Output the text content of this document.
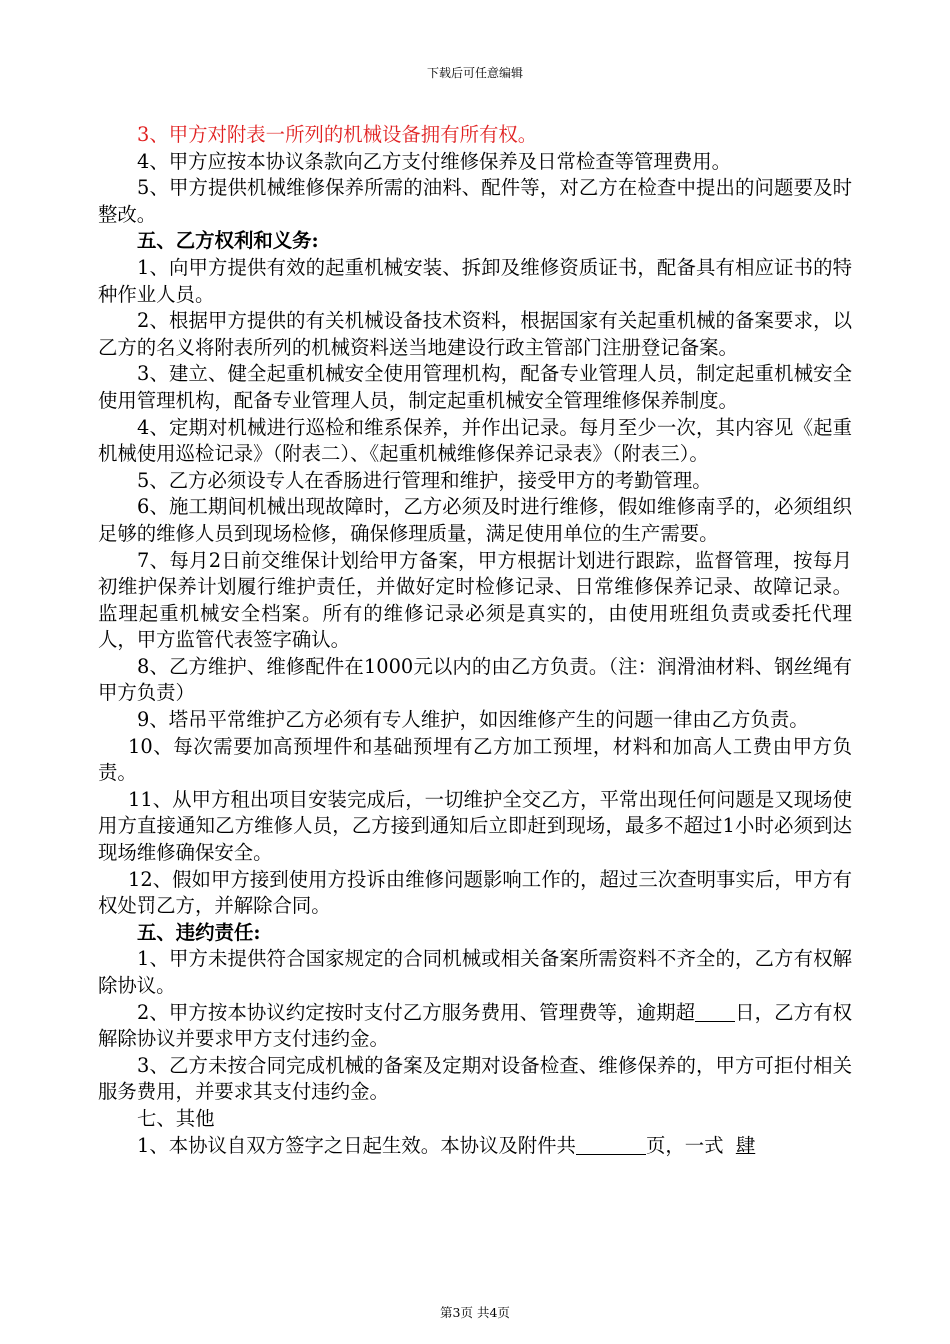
下载后可任意编辑

3、甲方对附表一所列的机械设备拥有所有权。

4、甲方应按本协议条款向乙方支付维修保养及日常检查等管理费用。

5、甲方提供机械维修保养所需的油料、配件等，对乙方在检查中提出的问题要及时整改。

五、乙方权利和义务:

1、向甲方提供有效的起重机械安装、拆卸及维修资质证书，配备具有相应证书的特种作业人员。

2、根据甲方提供的有关机械设备技术资料，根据国家有关起重机械的备案要求，以乙方的名义将附表所列的机械资料送当地建设行政主管部门注册登记备案。

3、建立、健全起重机械安全使用管理机构，配备专业管理人员，制定起重机械安全使用管理机构，配备专业管理人员，制定起重机械安全管理维修保养制度。

4、定期对机械进行巡检和维系保养，并作出记录。每月至少一次，其内容见《起重机械使用巡检记录》（附表二）、《起重机械维修保养记录表》（附表三）。

5、乙方必须设专人在香肠进行管理和维护，接受甲方的考勤管理。

6、施工期间机械出现故障时，乙方必须及时进行维修，假如维修南孚的，必须组织足够的维修人员到现场检修，确保修理质量，满足使用单位的生产需要。

7、每月2日前交维保计划给甲方备案，甲方根据计划进行跟踪，监督管理，按每月初维护保养计划履行维护责任，并做好定时检修记录、日常维修保养记录、故障记录。监理起重机械安全档案。所有的维修记录必须是真实的，由使用班组负责或委托代理人，甲方监管代表签字确认。

8、乙方维护、维修配件在1000元以内的由乙方负责。（注：润滑油材料、钢丝绳有甲方负责）

9、塔吊平常维护乙方必须有专人维护，如因维修产生的问题一律由乙方负责。

10、每次需要加高预埋件和基础预埋有乙方加工预埋，材料和加高人工费由甲方负责。

11、从甲方租出项目安装完成后，一切维护全交乙方，平常出现任何问题是又现场使用方直接通知乙方维修人员，乙方接到通知后立即赶到现场，最多不超过1小时必须到达现场维修确保安全。

12、假如甲方接到使用方投诉由维修问题影响工作的，超过三次查明事实后，甲方有权处罚乙方，并解除合同。

五、违约责任:

1、甲方未提供符合国家规定的合同机械或相关备案所需资料不齐全的，乙方有权解除协议。

2、甲方按本协议约定按时支付乙方服务费用、管理费等，逾期超 日，乙方有权解除协议并要求甲方支付违约金。

3、乙方未按合同完成机械的备案及定期对设备检查、维修保养的，甲方可拒付相关服务费用，并要求其支付违约金。

七、其他

1、本协议自双方签字之日起生效。本协议及附件共	页，一式 肆

第3页 共4页
